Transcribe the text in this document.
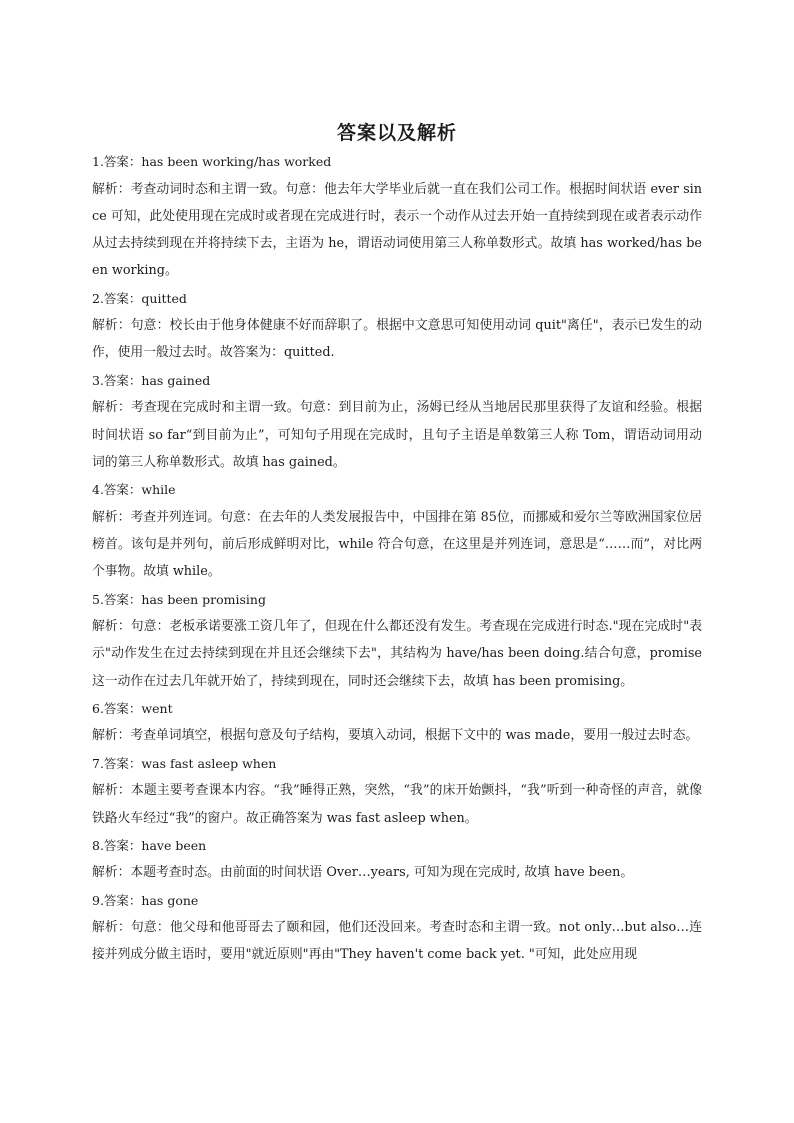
答案以及解析
1.答案：has been working/has worked
解析：考查动词时态和主谓一致。句意：他去年大学毕业后就一直在我们公司工作。根据时间状语 ever since 可知，此处使用现在完成时或者现在完成进行时，表示一个动作从过去开始一直持续到现在或者表示动作从过去持续到现在并将持续下去，主语为 he，谓语动词使用第三人称单数形式。故填 has worked/has been working。
2.答案：quitted
解析：句意：校长由于他身体健康不好而辞职了。根据中文意思可知使用动词 quit"离任"，表示已发生的动作，使用一般过去时。故答案为：quitted.
3.答案：has gained
解析：考查现在完成时和主谓一致。句意：到目前为止，汤姆已经从当地居民那里获得了友谊和经验。根据时间状语 so far“到目前为止”，可知句子用现在完成时，且句子主语是单数第三人称 Tom，谓语动词用动词的第三人称单数形式。故填 has gained。
4.答案：while
解析：考查并列连词。句意：在去年的人类发展报告中，中国排在第 85位，而挪威和爱尔兰等欧洲国家位居榜首。该句是并列句，前后形成鲜明对比，while 符合句意，在这里是并列连词，意思是“……而”，对比两个事物。故填 while。
5.答案：has been promising
解析：句意：老板承诺要涨工资几年了，但现在什么都还没有发生。考查现在完成进行时态."现在完成时"表示"动作发生在过去持续到现在并且还会继续下去"，其结构为 have/has been doing.结合句意，promise 这一动作在过去几年就开始了，持续到现在，同时还会继续下去，故填 has been promising。
6.答案：went
解析：考查单词填空，根据句意及句子结构，要填入动词，根据下文中的 was made，要用一般过去时态。
7.答案：was fast asleep when
解析：本题主要考查课本内容。“我”睡得正熟，突然，“我”的床开始颤抖，“我”听到一种奇怪的声音，就像铁路火车经过“我”的窗户。故正确答案为 was fast asleep when。
8.答案：have been
解析：本题考查时态。由前面的时间状语 Over…years, 可知为现在完成时, 故填 have been。
9.答案：has gone
解析：句意：他父母和他哥哥去了颐和园，他们还没回来。考查时态和主谓一致。not only…but also…连接并列成分做主语时，要用"就近原则"再由"They haven't come back yet. "可知，此处应用现
